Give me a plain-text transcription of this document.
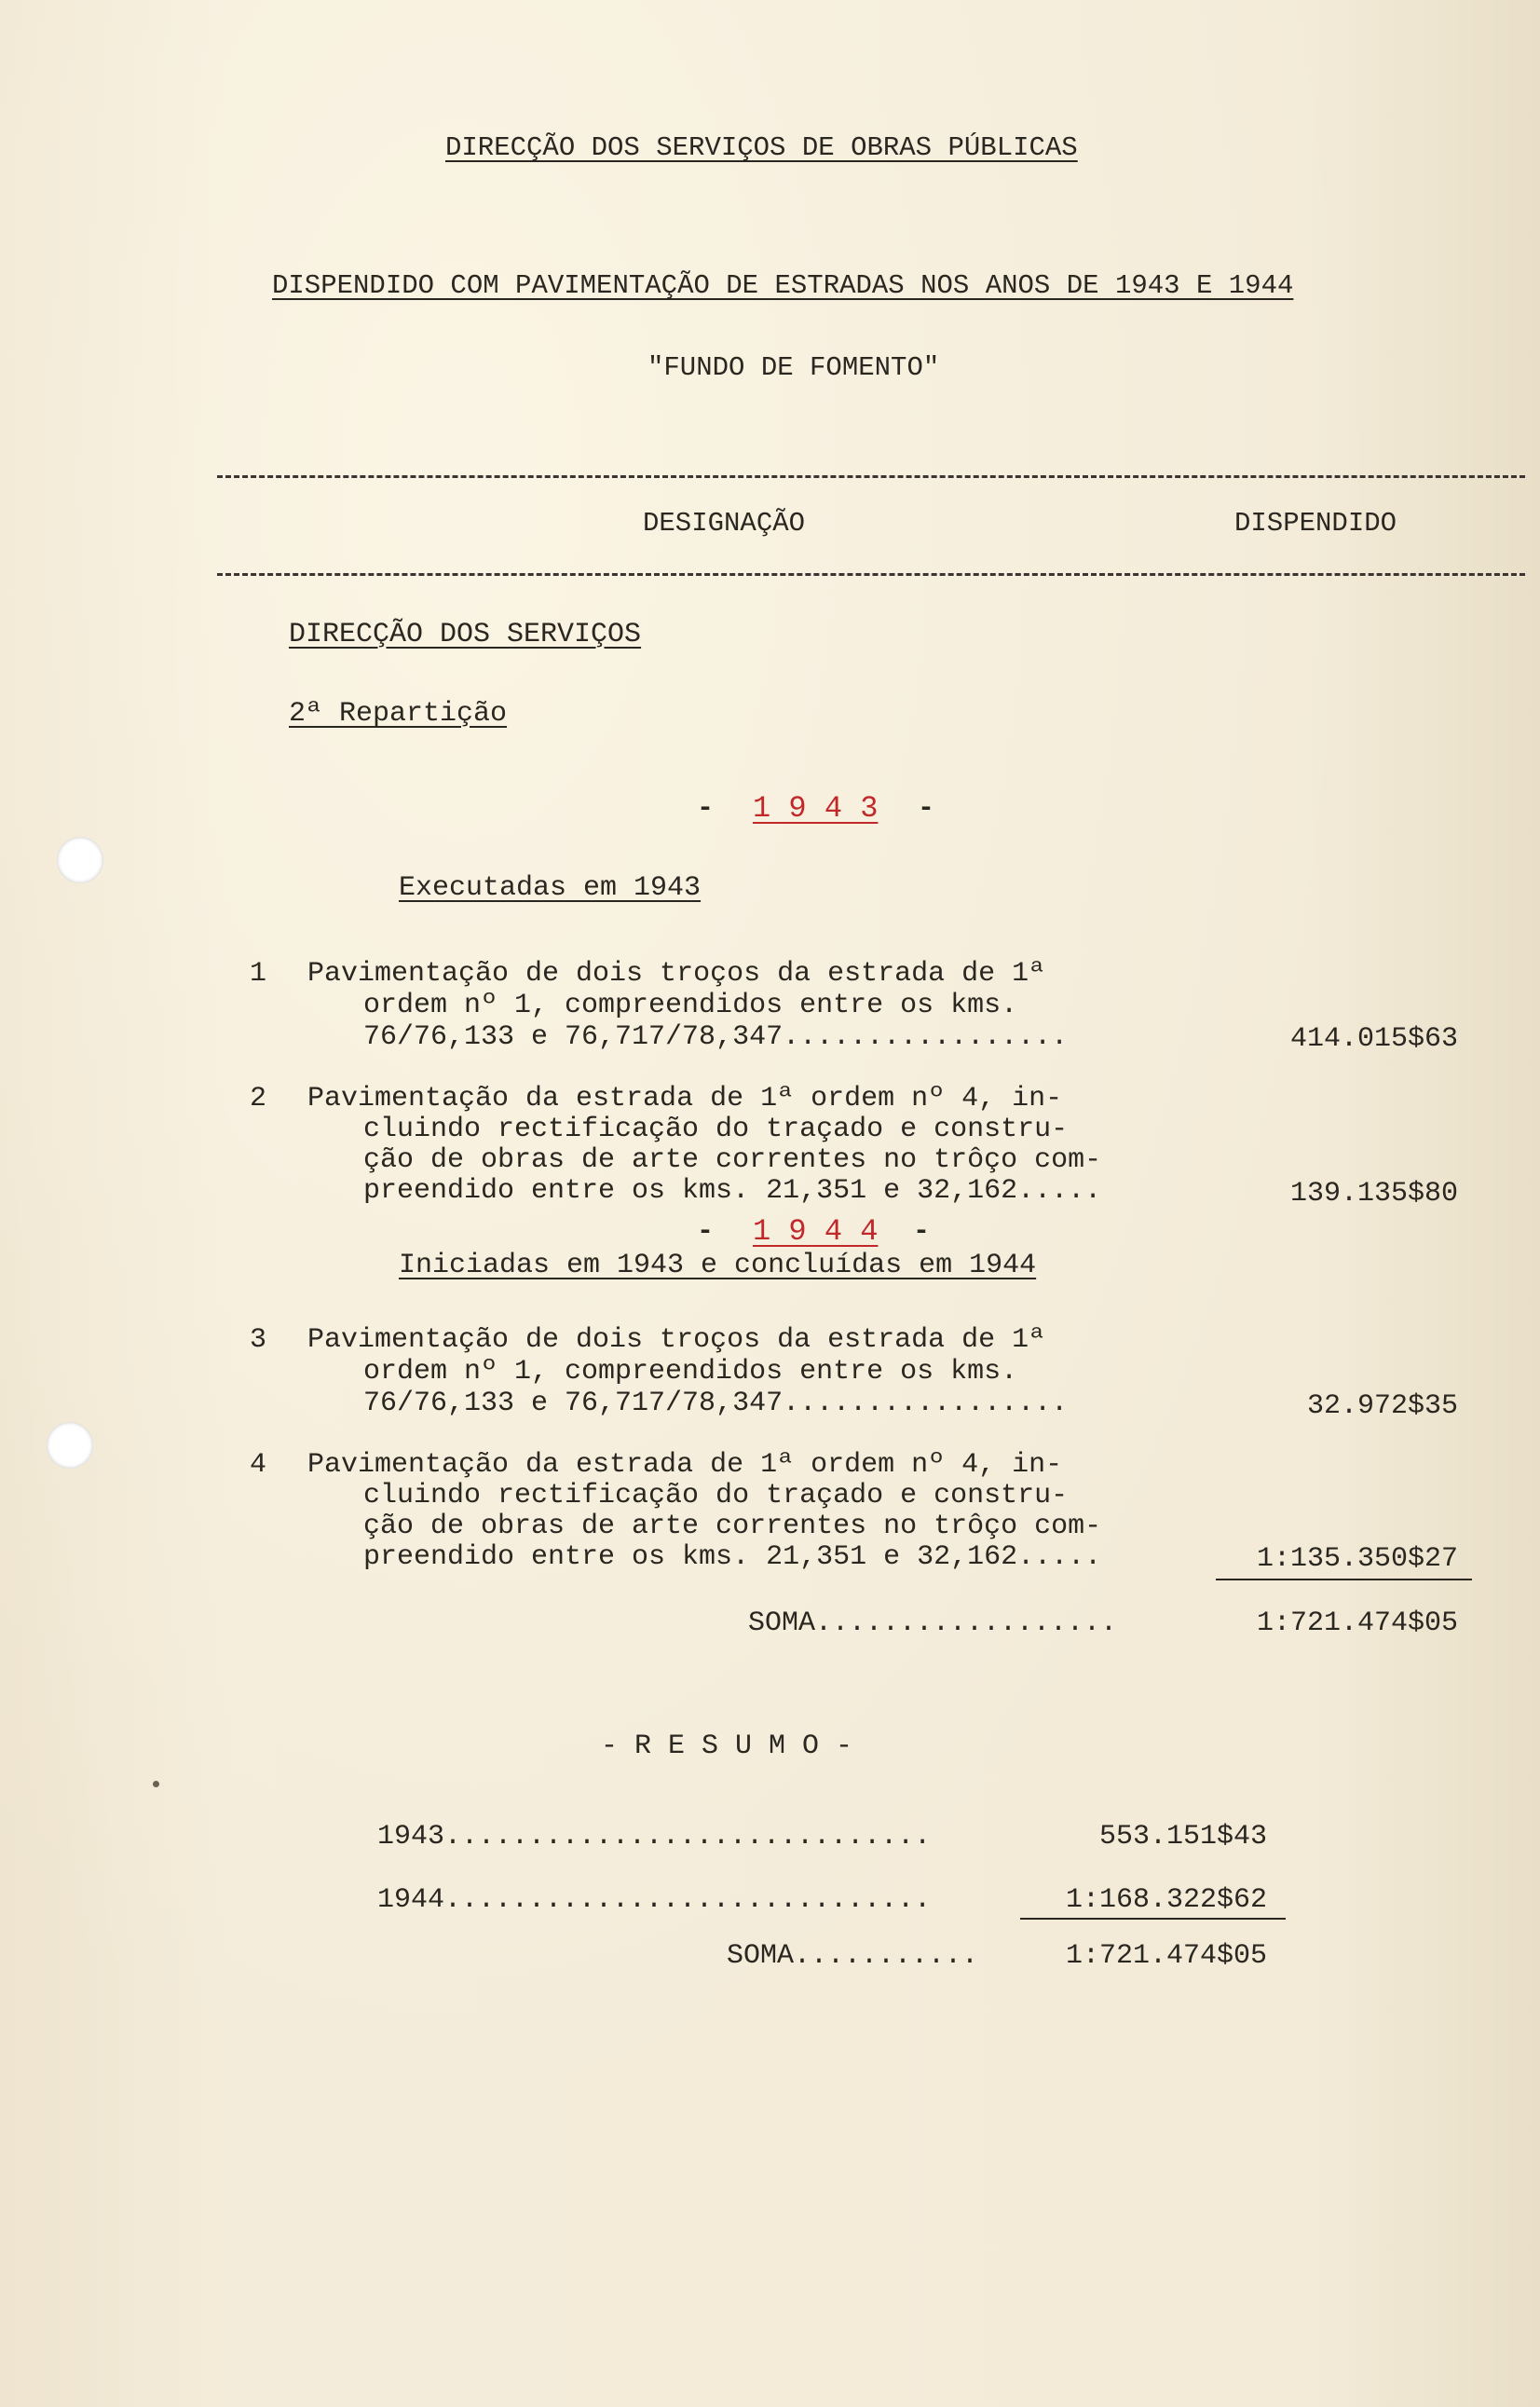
DIRECÇÃO DOS SERVIÇOS DE OBRAS PÚBLICAS
DISPENDIDO COM PAVIMENTAÇÃO DE ESTRADAS NOS ANOS DE 1943 E 1944
"FUNDO DE FOMENTO"
DESIGNAÇÃO	DISPENDIDO
DIRECÇÃO DOS SERVIÇOS
2ª Repartição
- 1 9 4 3 -
Executadas em 1943
1 Pavimentação de dois troços da estrada de 1ª
ordem nº 1, compreendidos entre os kms.
76/76,133 e 76,717/78,347.................	414.015$63
2 Pavimentação da estrada de 1ª ordem nº 4, in-
cluindo rectificação do traçado e constru-
ção de obras de arte correntes no trôço com-
preendido entre os kms. 21,351 e 32,162.....	139.135$80
- 1 9 4 4 -
Iniciadas em 1943 e concluídas em 1944
3 Pavimentação de dois troços da estrada de 1ª
ordem nº 1, compreendidos entre os kms.
76/76,133 e 76,717/78,347.................	32.972$35
4 Pavimentação da estrada de 1ª ordem nº 4, in-
cluindo rectificação do traçado e constru-
ção de obras de arte correntes no trôço com-
preendido entre os kms. 21,351 e 32,162.....	1:135.350$27
SOMA..................	1:721.474$05
- R E S U M O -
1943.............................	553.151$43
1944.............................	1:168.322$62
SOMA...........	1:721.474$05
